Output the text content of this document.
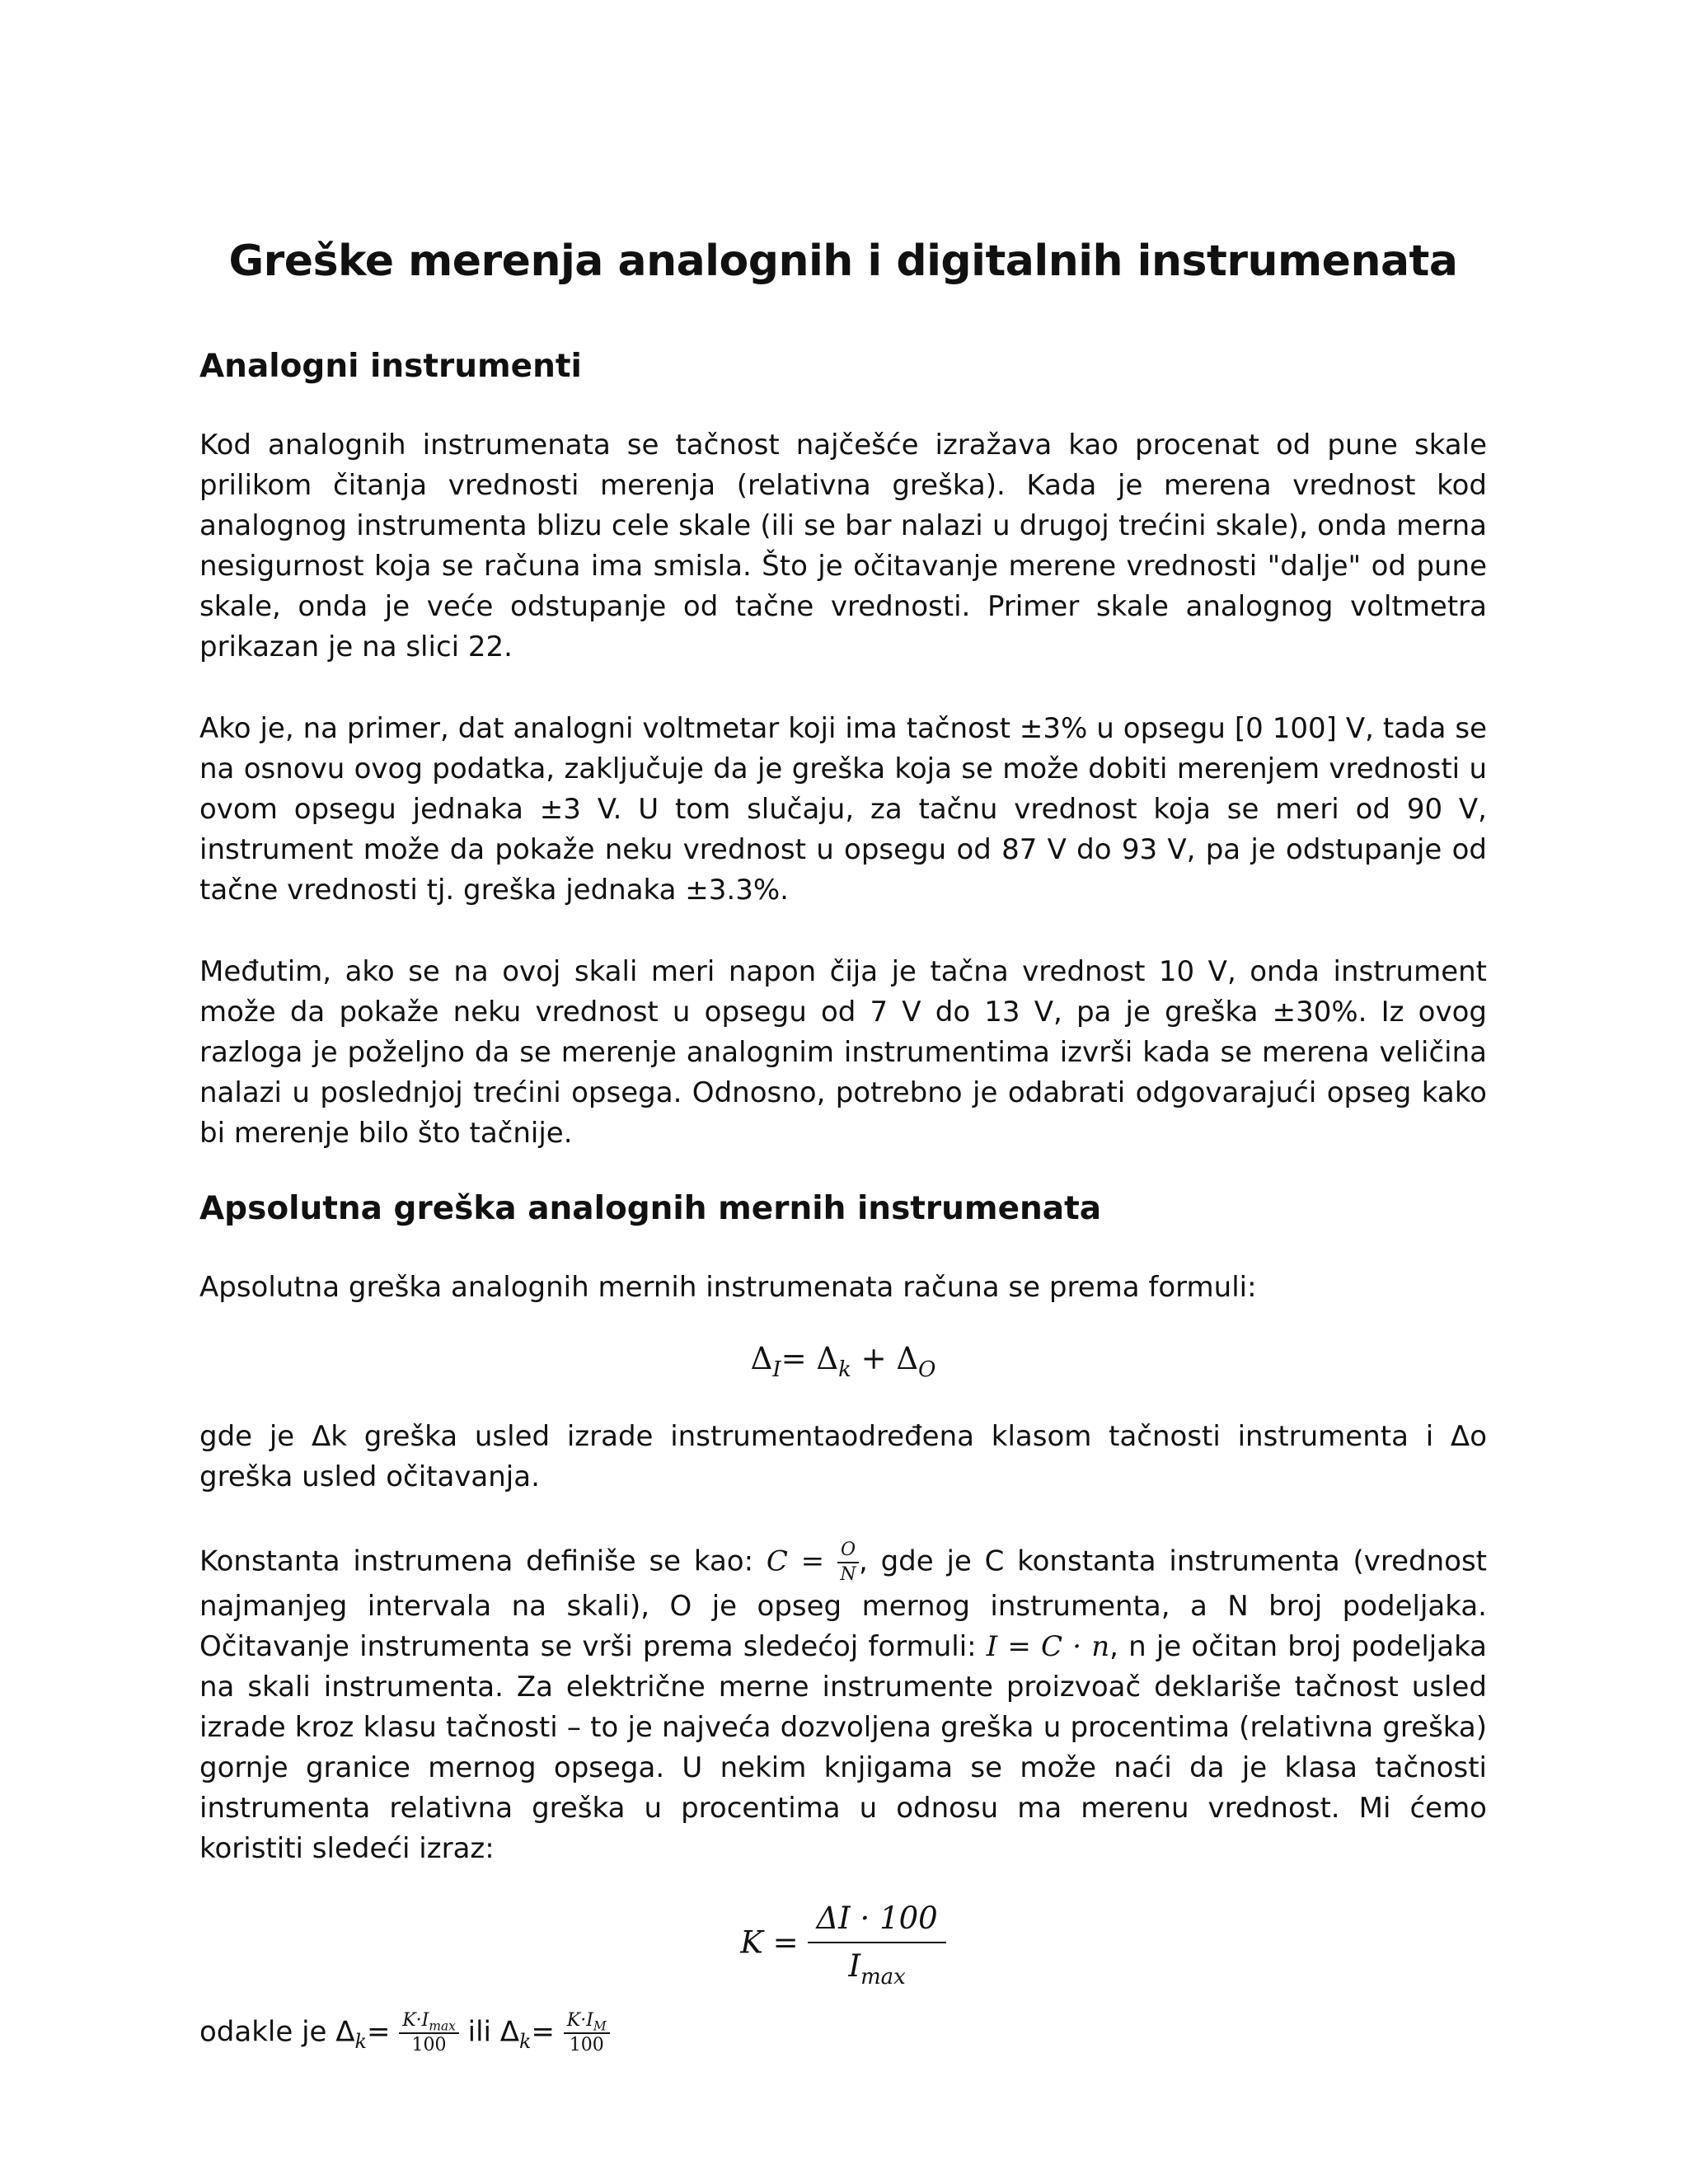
Greške merenja analognih i digitalnih instrumenata
Analogni instrumenti

Kod analognih instrumenata se tačnost najčešće izražava kao procenat od pune skale prilikom čitanja vrednosti merenja (relativna greška). Kada je merena vrednost kod analognog instrumenta blizu cele skale (ili se bar nalazi u drugoj trećini skale), onda merna nesigurnost koja se računa ima smisla. Što je očitavanje merene vrednosti "dalje" od pune skale, onda je veće odstupanje od tačne vrednosti. Primer skale analognog voltmetra prikazan je na slici 22.

Ako je, na primer, dat analogni voltmetar koji ima tačnost ±3% u opsegu [0 100] V, tada se na osnovu ovog podatka, zaključuje da je greška koja se može dobiti merenjem vrednosti u ovom opsegu jednaka ±3 V. U tom slučaju, za tačnu vrednost koja se meri od 90 V, instrument može da pokaže neku vrednost u opsegu od 87 V do 93 V, pa je odstupanje od tačne vrednosti tj. greška jednaka ±3.3%.

Međutim, ako se na ovoj skali meri napon čija je tačna vrednost 10 V, onda instrument može da pokaže neku vrednost u opsegu od 7 V do 13 V, pa je greška ±30%. Iz ovog razloga je poželjno da se merenje analognim instrumentima izvrši kada se merena veličina nalazi u poslednjoj trećini opsega. Odnosno, potrebno je odabrati odgovarajući opseg kako bi merenje bilo što tačnije.

Apsolutna greška analognih mernih instrumenata

Apsolutna greška analognih mernih instrumenata računa se prema formuli:

$\Delta_I= \Delta_k + \Delta_O$

gde je Δk greška usled izrade instrumentaodređena klasom tačnosti instrumenta i Δo greška usled očitavanja.

Konstanta instrumena definiše se kao: $C = \frac{O}{N}$ , gde je C konstanta instrumenta (vrednost najmanjeg intervala na skali), O je opseg mernog instrumenta, a N broj podeljaka. Očitavanje instrumenta se vrši prema sledećoj formuli: I = C · n, n je očitan broj podeljaka na skali instrumenta. Za električne merne instrumente proizvoač deklariše tačnost usled izrade kroz klasu tačnosti – to je najveća dozvoljena greška u procentima (relativna greška) gornje granice mernog opsega. U nekim knjigama se može naći da je klasa tačnosti instrumenta relativna greška u procentima u odnosu ma merenu vrednost. Mi ćemo koristiti sledeći izraz:

$K = \frac{\Delta I \cdot 100}{I_{max}}$

odakle je $\Delta_k= \frac{K\cdot I_{max}}{100}$ ili $\Delta_k= \frac{K\cdot I_M}{100}$
